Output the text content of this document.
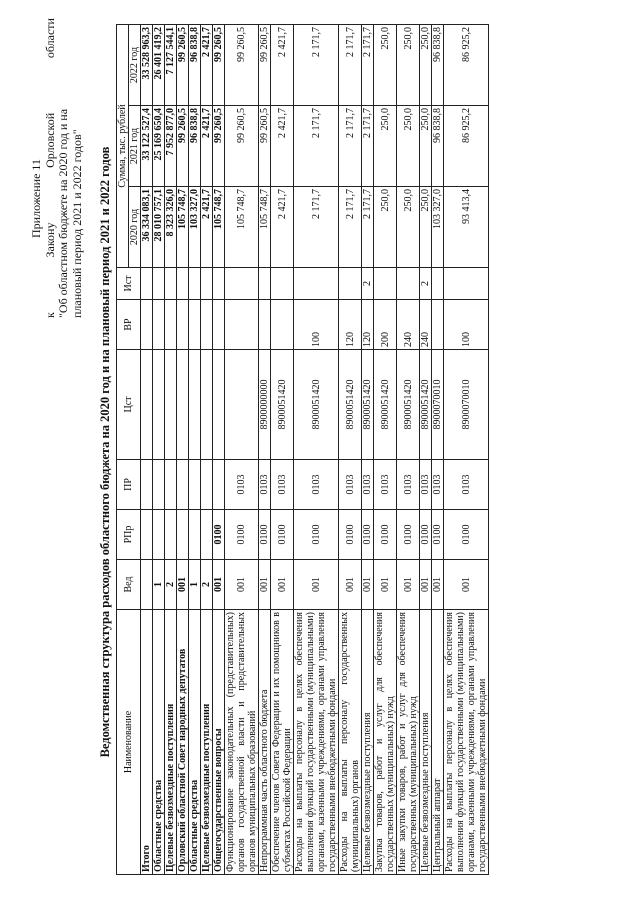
Приложение 11
к
Закону
Орловской
области
"Об областном бюджете на 2020 год и на плановый период 2021 и 2022 годов" Ведомственная структура расходов областного бюджета на 2020 год и на плановый период 2021 и 2022 годов Наименование	Вед	РПр	ПР	Цст	ВР	Ист	Сумма, тыс. рублей		
							2020 год	2021 год	2022 год
Итого							36 334 083,1	33 122 527,4	33 528 963,3
Областные средства	1						28 010 757,1	25 169 650,4	26 401 419,2
Целевые безвозмездные поступления	2						8 323 326,0	7 952 877,0	7 127 544,1
Орловский областной Совет народных депутатов	001						105 748,7	99 260,5	99 260,5
Областные средства	1						103 327,0	96 838,8	96 838,8
Целевые безвозмездные поступления	2						2 421,7	2 421,7	2 421,7
Общегосударственные вопросы	001	0100					105 748,7	99 260,5	99 260,5
Функционирование законодательных (представительных) органов государственной власти и представительных органов муниципальных образований	001	0100	0103				105 748,7	99 260,5	99 260,5
Непрограммная часть областного бюджета	001	0100	0103	8900000000			105 748,7	99 260,5	99 260,5
Обеспечение членов Совета Федерации и их помощников в субъектах Российской Федерации	001	0100	0103	8900051420			2 421,7	2 421,7	2 421,7
Расходы на выплаты персоналу в целях обеспечения выполнения функций государственными (муниципальными) органами, казенными учреждениями, органами управления государственными внебюджетными фондами	001	0100	0103	8900051420	100		2 171,7	2 171,7	2 171,7
Расходы на выплаты персоналу государственных (муниципальных) органов	001	0100	0103	8900051420	120		2 171,7	2 171,7	2 171,7
Целевые безвозмездные поступления	001	0100	0103	8900051420	120	2	2 171,7	2 171,7	2 171,7
Закупка товаров, работ и услуг для обеспечения государственных (муниципальных) нужд	001	0100	0103	8900051420	200		250,0	250,0	250,0
Иные закупки товаров, работ и услуг для обеспечения государственных (муниципальных) нужд	001	0100	0103	8900051420	240		250,0	250,0	250,0
Целевые безвозмездные поступления	001	0100	0103	8900051420	240	2	250,0	250,0	250,0
Центральный аппарат	001	0100	0103	8900070010			103 327,0	96 838,8	96 838,8
Расходы на выплаты персоналу в целях обеспечения выполнения функций государственными (муниципальными) органами, казенными учреждениями, органами управления государственными внебюджетными фондами	001	0100	0103	8900070010	100		93 413,4	86 925,2	86 925,2
